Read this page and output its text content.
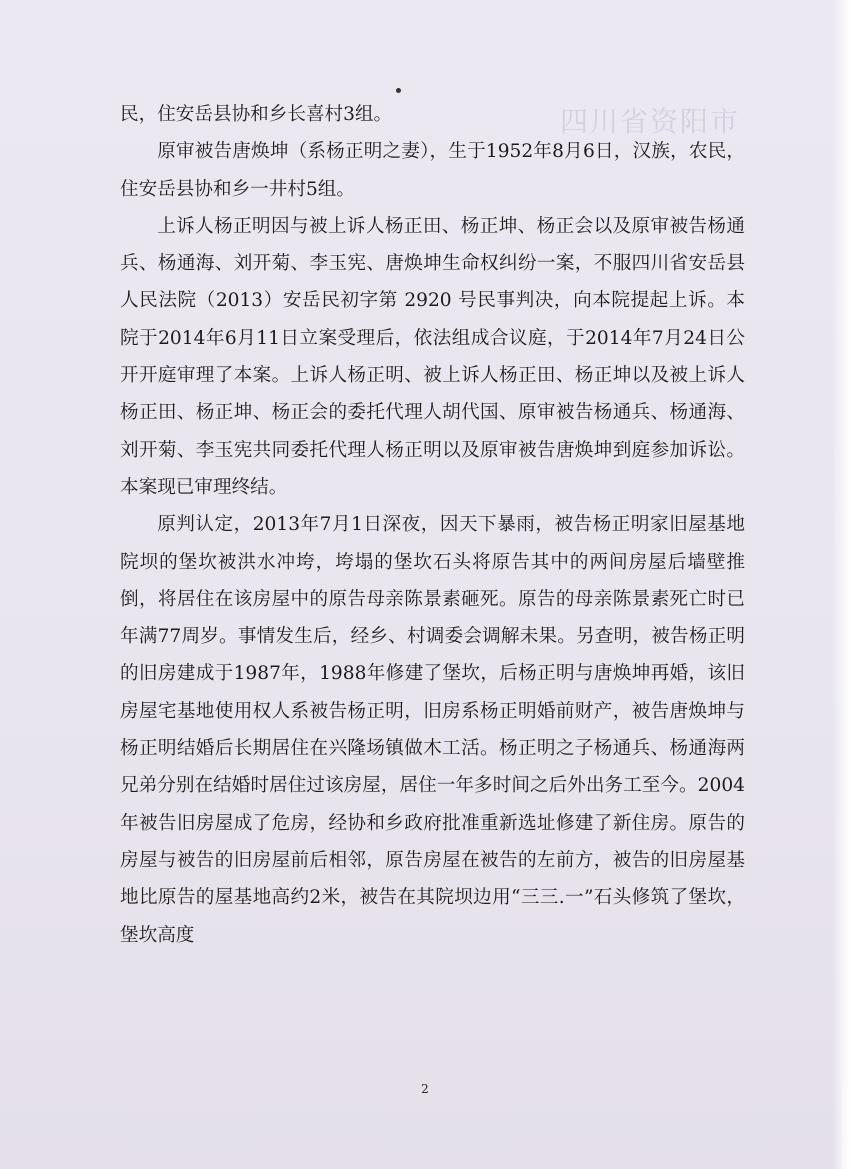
四川省资阳市

民，住安岳县协和乡长喜村3组。

原审被告唐焕坤（系杨正明之妻），生于1952年8月6日，汉族，农民，住安岳县协和乡一井村5组。

上诉人杨正明因与被上诉人杨正田、杨正坤、杨正会以及原审被告杨通兵、杨通海、刘开菊、李玉宪、唐焕坤生命权纠纷一案，不服四川省安岳县人民法院（2013）安岳民初字第 2920 号民事判决，向本院提起上诉。本院于2014年6月11日立案受理后，依法组成合议庭，于2014年7月24日公开开庭审理了本案。上诉人杨正明、被上诉人杨正田、杨正坤以及被上诉人杨正田、杨正坤、杨正会的委托代理人胡代国、原审被告杨通兵、杨通海、刘开菊、李玉宪共同委托代理人杨正明以及原审被告唐焕坤到庭参加诉讼。本案现已审理终结。

原判认定，2013年7月1日深夜，因天下暴雨，被告杨正明家旧屋基地院坝的堡坎被洪水冲垮，垮塌的堡坎石头将原告其中的两间房屋后墙壁推倒，将居住在该房屋中的原告母亲陈景素砸死。原告的母亲陈景素死亡时已年满77周岁。事情发生后，经乡、村调委会调解未果。另查明，被告杨正明的旧房建成于1987年，1988年修建了堡坎，后杨正明与唐焕坤再婚，该旧房屋宅基地使用权人系被告杨正明，旧房系杨正明婚前财产，被告唐焕坤与杨正明结婚后长期居住在兴隆场镇做木工活。杨正明之子杨通兵、杨通海两兄弟分别在结婚时居住过该房屋，居住一年多时间之后外出务工至今。2004年被告旧房屋成了危房，经协和乡政府批准重新选址修建了新住房。原告的房屋与被告的旧房屋前后相邻，原告房屋在被告的左前方，被告的旧房屋基地比原告的屋基地高约2米，被告在其院坝边用“三三.一”石头修筑了堡坎，堡坎高度

2
